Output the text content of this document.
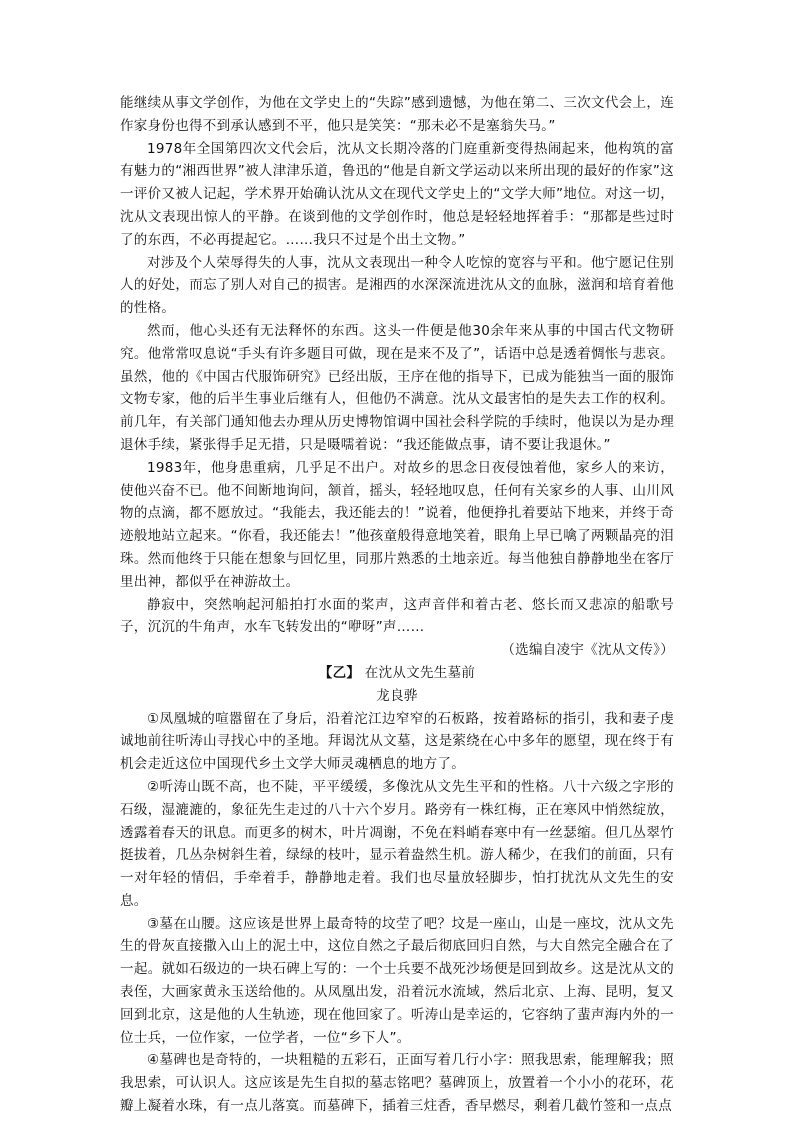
能继续从事文学创作，为他在文学史上的“失踪”感到遗憾，为他在第二、三次文代会上，连作家身份也得不到承认感到不平，他只是笑笑：“那未必不是塞翁失马。”

1978年全国第四次文代会后，沈从文长期冷落的门庭重新变得热闹起来，他构筑的富有魅力的“湘西世界”被人津津乐道，鲁迅的“他是自新文学运动以来所出现的最好的作家”这一评价又被人记起，学术界开始确认沈从文在现代文学史上的“文学大师”地位。对这一切，沈从文表现出惊人的平静。在谈到他的文学创作时，他总是轻轻地挥着手：“那都是些过时了的东西，不必再提起它。……我只不过是个出土文物。”

对涉及个人荣辱得失的人事，沈从文表现出一种令人吃惊的宽容与平和。他宁愿记住别人的好处，而忘了别人对自己的损害。是湘西的水深深流进沈从文的血脉，滋润和培育着他的性格。

然而，他心头还有无法释怀的东西。这头一件便是他30余年来从事的中国古代文物研究。他常常叹息说“手头有许多题目可做，现在是来不及了”，话语中总是透着惆怅与悲哀。虽然，他的《中国古代服饰研究》已经出版，王序在他的指导下，已成为能独当一面的服饰文物专家，他的后半生事业后继有人，但他仍不满意。沈从文最害怕的是失去工作的权利。前几年，有关部门通知他去办理从历史博物馆调中国社会科学院的手续时，他误以为是办理退休手续，紧张得手足无措，只是嗫嚅着说：“我还能做点事，请不要让我退休。”

1983年，他身患重病，几乎足不出户。对故乡的思念日夜侵蚀着他，家乡人的来访，使他兴奋不已。他不间断地询问，颔首，摇头，轻轻地叹息，任何有关家乡的人事、山川风物的点滴，都不愿放过。“我能去，我还能去的！”说着，他便挣扎着要站下地来，并终于奇迹般地站立起来。“你看，我还能去！”他孩童般得意地笑着，眼角上早已噙了两颗晶亮的泪珠。然而他终于只能在想象与回忆里，同那片熟悉的土地亲近。每当他独自静静地坐在客厅里出神，都似乎在神游故土。

静寂中，突然响起河船拍打水面的桨声，这声音伴和着古老、悠长而又悲凉的船歌号子，沉沉的牛角声，水车飞转发出的“咿呀”声……

（选编自凌宇《沈从文传》）

【乙】 在沈从文先生墓前

龙良骅

①凤凰城的喧嚣留在了身后，沿着沱江边窄窄的石板路，按着路标的指引，我和妻子虔诚地前往听涛山寻找心中的圣地。拜谒沈从文墓，这是萦绕在心中多年的愿望，现在终于有机会走近这位中国现代乡土文学大师灵魂栖息的地方了。

②听涛山既不高，也不陡，平平缓缓，多像沈从文先生平和的性格。八十六级之字形的石级，湿漉漉的，象征先生走过的八十六个岁月。路旁有一株红梅，正在寒风中悄然绽放，透露着春天的讯息。而更多的树木，叶片凋谢，不免在料峭春寒中有一丝瑟缩。但几丛翠竹挺拔着，几丛杂树斜生着，绿绿的枝叶，显示着盎然生机。游人稀少，在我们的前面，只有一对年轻的情侣，手牵着手，静静地走着。我们也尽量放轻脚步，怕打扰沈从文先生的安息。

③墓在山腰。这应该是世界上最奇特的坟茔了吧？坟是一座山，山是一座坟，沈从文先生的骨灰直接撒入山上的泥土中，这位自然之子最后彻底回归自然，与大自然完全融合在了一起。就如石级边的一块石碑上写的：一个士兵要不战死沙场便是回到故乡。这是沈从文的表侄，大画家黄永玉送给他的。从凤凰出发，沿着沅水流域，然后北京、上海、昆明，复又回到北京，这是他的人生轨迹，现在他回家了。听涛山是幸运的，它容纳了蜚声海内外的一位士兵，一位作家，一位学者，一位“乡下人”。

④墓碑也是奇特的，一块粗糙的五彩石，正面写着几行小字：照我思索，能理解我；照我思索，可认识人。这应该是先生自拟的墓志铭吧？墓碑顶上，放置着一个小小的花环，花瓣上凝着水珠，有一点儿落寞。而墓碑下，插着三炷香，香早燃尽，剩着几截竹签和一点点
